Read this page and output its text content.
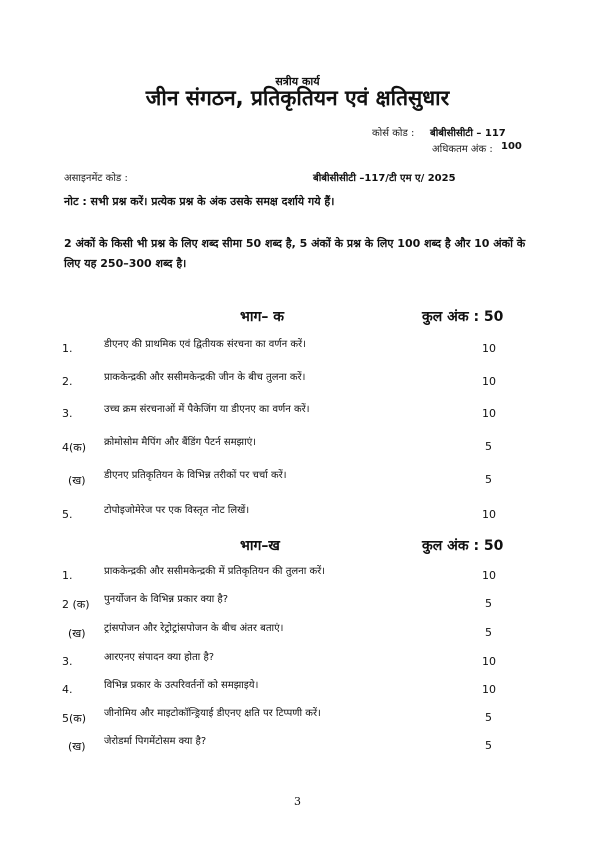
सत्रीय कार्य
जीन संगठन, प्रतिकृतियन एवं क्षतिसुधार
कोर्स कोड : बीबीसीसीटी – 117
अधिकतम अंक : 100
असाइनमेंट कोड :	बीबीसीसीटी –117/टी एम ए/ 2025
नोट : सभी प्रश्न करें। प्रत्येक प्रश्न के अंक उसके समक्ष दर्शाये गये हैं।
2 अंकों के किसी भी प्रश्न के लिए शब्द सीमा 50 शब्द है, 5 अंकों के प्रश्न के लिए 100 शब्द है और 10 अंकों के लिए यह 250–300 शब्द है।
भाग– क	कुल अंक : 50
1.	डीएनए की प्राथमिक एवं द्वितीयक संरचना का वर्णन करें।	10
2.	प्राककेन्द्रकी और ससीमकेन्द्रकी जीन के बीच तुलना करें।	10
3.	उच्च क्रम संरचनाओं में पैकेजिंग या डीएनए का वर्णन करें।	10
4(क) क्रोमोसोम मैपिंग और बैंडिंग पैटर्न समझाएं।	5
(ख) डीएनए प्रतिकृतियन के विभिन्न तरीकों पर चर्चा करें।	5
5.	टोपोइजोमेरेज पर एक विस्तृत नोट लिखें।	10
भाग–ख	कुल अंक : 50
1.	प्राककेन्द्रकी और ससीमकेन्द्रकी में प्रतिकृतियन की तुलना करें।	10
2 (क) पुनर्योजन के विभिन्न प्रकार क्या है?	5
(ख) ट्रांसपोजन और रेट्रोट्रांसपोजन के बीच अंतर बताएं।	5
3.	आरएनए संपादन क्या होता है?	10
4.	विभिन्न प्रकार के उत्परिवर्तनों को समझाइये।	10
5(क) जीनोमिय और माइटोकॉन्ड्रियाई डीएनए क्षति पर टिप्पणी करें।	5
(ख) जेरोडर्मा पिगमेंटोसम क्या है?	5
3
